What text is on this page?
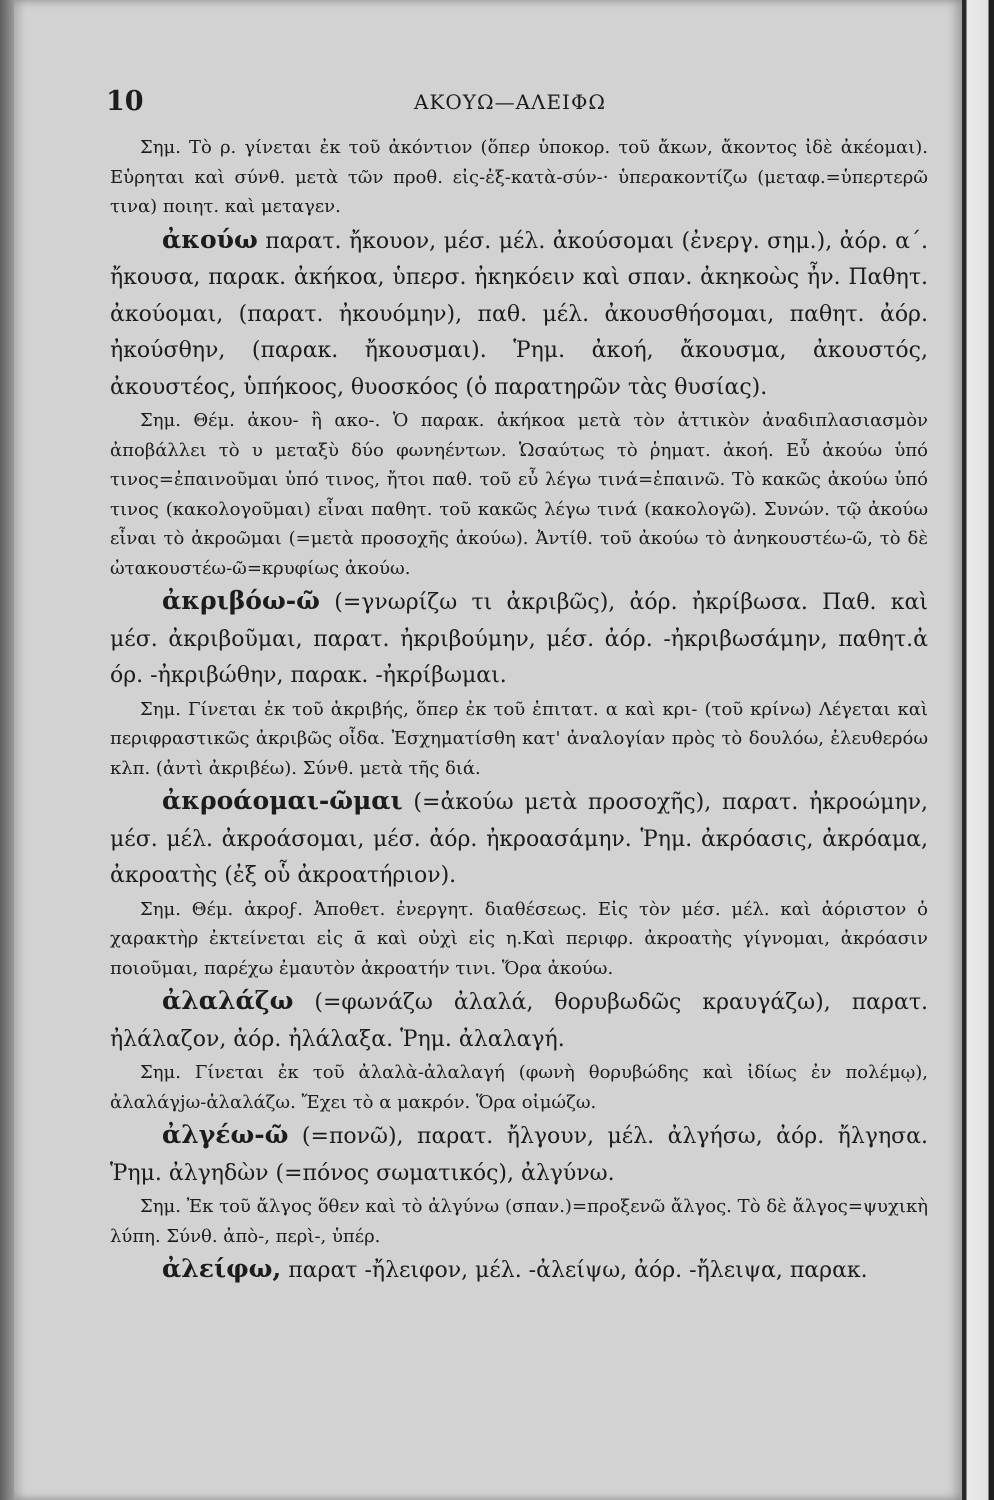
10	ΑΚΟΥΩ—ΑΛΕΙΦΩ

Σημ. Τὸ ρ. γίνεται ἐκ τοῦ ἀκόντιον (ὅπερ ὑποκορ. τοῦ ἄκων, ἄκοντος ἰδὲ ἀκέομαι). Εὑρηται καὶ σύνθ. μετὰ τῶν προθ. εἰς-ἐξ-κατὰ-σύν-· ὑπερακοντίζω (μεταφ.=ὑπερτερῶ τινα) ποιητ. καὶ μεταγεν.

ἀκούω παρατ. ἤκουον, μέσ. μέλ. ἀκούσομαι (ἐνεργ. σημ.), ἀόρ. α΄. ἤκουσα, παρακ. ἀκήκοα, ὑπερσ. ἠκηκόειν καὶ σπαν. ἀκηκοὼς ἦν. Παθητ. ἀκούομαι, (παρατ. ἠκουόμην), παθ. μέλ. ἀκουσθήσομαι, παθητ. ἀόρ. ἠκούσθην, (παρακ. ἤκουσμαι). Ῥημ. ἀκοή, ἄκουσμα, ἀκουστός, ἀκουστέος, ὑπήκοος, θυοσκόος (ὁ παρατηρῶν τὰς θυσίας).

Σημ. Θέμ. ἀκου- ἢ ακο-. Ὁ παρακ. ἀκήκοα μετὰ τὸν ἀττικὸν ἀναδιπλασιασμὸν ἀποβάλλει τὸ υ μεταξὺ δύο φωνηέντων. Ὡσαύτως τὸ ῥηματ. ἀκοή. Εὖ ἀκούω ὑπό τινος=ἐπαινοῦμαι ὑπό τινος, ἤτοι παθ. τοῦ εὖ λέγω τινά=ἐπαινῶ. Τὸ κακῶς ἀκούω ὑπό τινος (κακολογοῦμαι) εἶναι παθητ. τοῦ κακῶς λέγω τινά (κακολογῶ). Συνών. τῷ ἀκούω εἶναι τὸ ἀκροῶμαι (=μετὰ προσοχῆς ἀκούω). Ἀντίθ. τοῦ ἀκούω τὸ ἀνηκουστέω-ῶ, τὸ δὲ ὠτακουστέω-ῶ=κρυφίως ἀκούω.

ἀκριβόω-ῶ (=γνωρίζω τι ἀκριβῶς), ἀόρ. ἠκρίβωσα. Παθ. καὶ μέσ. ἀκριβοῦμαι, παρατ. ἠκριβούμην, μέσ. ἀόρ. -ἠκριβωσάμην, παθητ.ἀ όρ. -ἠκριβώθην, παρακ. -ἠκρίβωμαι.

Σημ. Γίνεται ἐκ τοῦ ἀκριβής, ὅπερ ἐκ τοῦ ἐπιτατ. α καὶ κρι- (τοῦ κρίνω) Λέγεται καὶ περιφραστικῶς ἀκριβῶς οἶδα. Ἐσχηματίσθη κατ' ἀναλογίαν πρὸς τὸ δουλόω, ἐλευθερόω κλπ. (ἀντὶ ἀκριβέω). Σύνθ. μετὰ τῆς διά.

ἀκροάομαι-ῶμαι (=ἀκούω μετὰ προσοχῆς), παρατ. ἠκροώμην, μέσ. μέλ. ἀκροάσομαι, μέσ. ἀόρ. ἠκροασάμην. Ῥημ. ἀκρόασις, ἀκρόαμα, ἀκροατὴς (ἐξ οὗ ἀκροατήριον).

Σημ. Θέμ. ἀκροϝ. Ἀποθετ. ἐνεργητ. διαθέσεως. Εἰς τὸν μέσ. μέλ. καὶ ἀόριστον ὁ χαρακτὴρ ἐκτείνεται εἰς ᾱ καὶ οὐχὶ εἰς η.Καὶ περιφρ. ἀκροατὴς γίγνομαι, ἀκρόασιν ποιοῦμαι, παρέχω ἐμαυτὸν ἀκροατήν τινι. Ὅρα ἀκούω.

ἀλαλάζω (=φωνάζω ἀλαλά, θορυβωδῶς κραυγάζω), παρατ. ἠλάλαζον, ἀόρ. ἠλάλαξα. Ῥημ. ἀλαλαγή.

Σημ. Γίνεται ἐκ τοῦ ἀλαλὰ-ἀλαλαγή (φωνὴ θορυβώδης καὶ ἰδίως ἐν πολέμῳ), ἀλαλάγjω-ἀλαλάζω. Ἔχει τὸ α μακρόν. Ὅρα οἰμώζω.

ἀλγέω-ῶ (=πονῶ), παρατ. ἤλγουν, μέλ. ἀλγήσω, ἀόρ. ἤλγησα. Ῥημ. ἀλγηδὼν (=πόνος σωματικός), ἀλγύνω.

Σημ. Ἐκ τοῦ ἄλγος ὅθεν καὶ τὸ ἀλγύνω (σπαν.)=προξενῶ ἄλγος. Τὸ δὲ ἄλγος=ψυχικὴ λύπη. Σύνθ. ἀπὸ-, περὶ-, ὑπέρ.

ἀλείφω, παρατ -ἤλειφον, μέλ. -ἀλείψω, ἀόρ. -ἤλειψα, παρακ.
